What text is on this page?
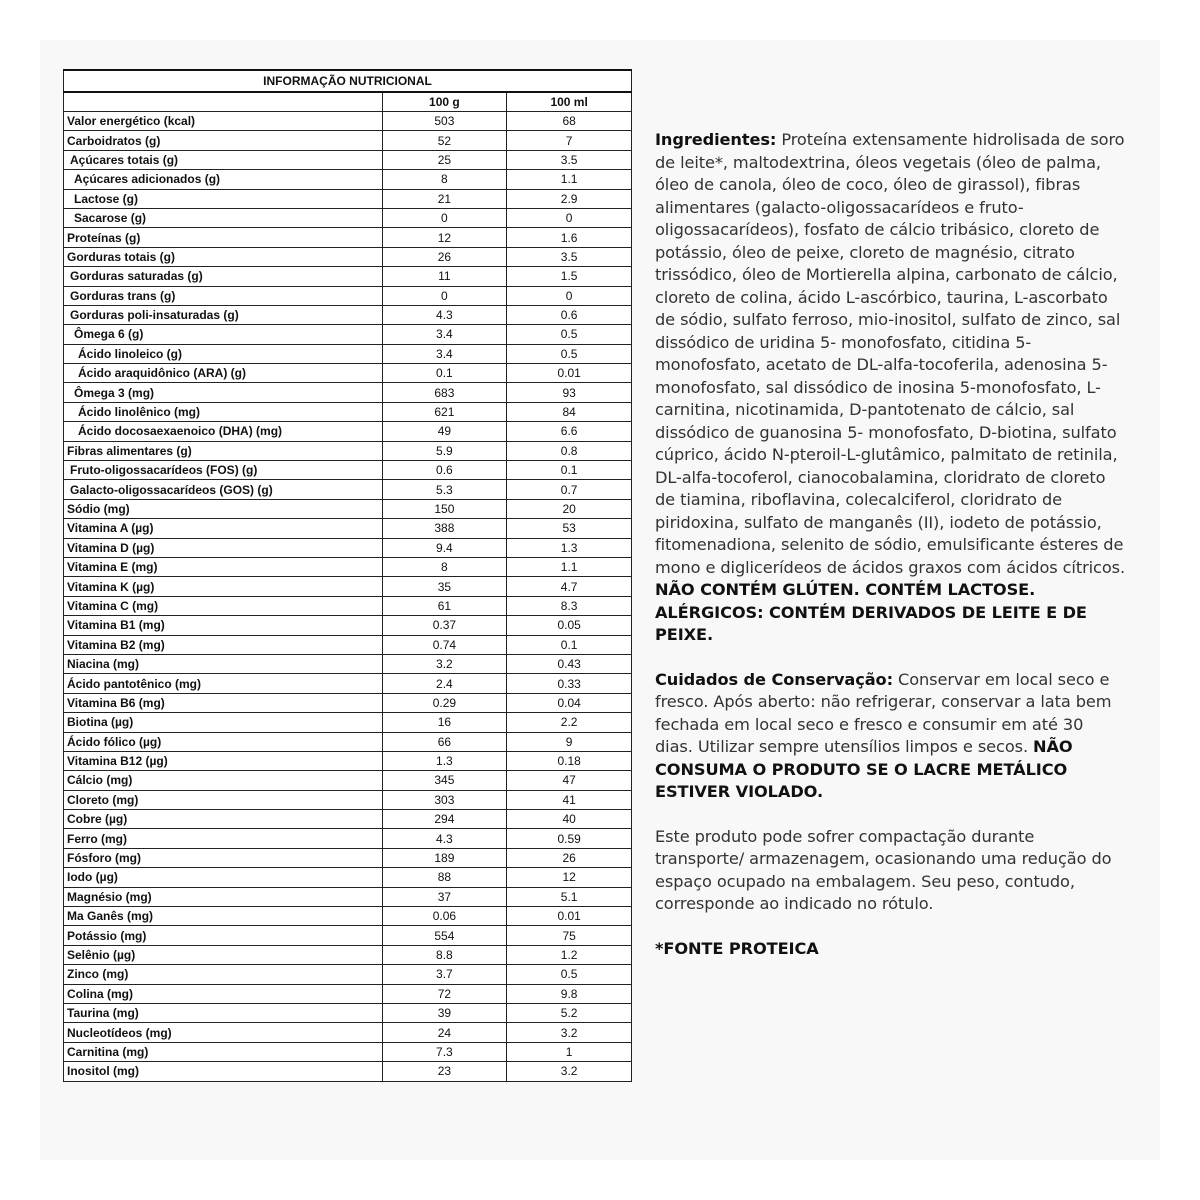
INFORMAÇÃO NUTRICIONAL		
	100 g	100 ml
Valor energético (kcal)	503	68
Carboidratos (g)	52	7
Açúcares totais (g)	25	3.5
Açúcares adicionados (g)	8	1.1
Lactose (g)	21	2.9
Sacarose (g)	0	0
Proteínas (g)	12	1.6
Gorduras totais (g)	26	3.5
Gorduras saturadas (g)	11	1.5
Gorduras trans (g)	0	0
Gorduras poli-insaturadas (g)	4.3	0.6
Ômega 6 (g)	3.4	0.5
Ácido linoleico (g)	3.4	0.5
Ácido araquidônico (ARA) (g)	0.1	0.01
Ômega 3 (mg)	683	93
Ácido linolênico (mg)	621	84
Ácido docosaexaenoico (DHA) (mg)	49	6.6
Fibras alimentares (g)	5.9	0.8
Fruto-oligossacarídeos (FOS) (g)	0.6	0.1
Galacto-oligossacarídeos (GOS) (g)	5.3	0.7
Sódio (mg)	150	20
Vitamina A (µg)	388	53
Vitamina D (µg)	9.4	1.3
Vitamina E (mg)	8	1.1
Vitamina K (µg)	35	4.7
Vitamina C (mg)	61	8.3
Vitamina B1 (mg)	0.37	0.05
Vitamina B2 (mg)	0.74	0.1
Niacina (mg)	3.2	0.43
Ácido pantotênico (mg)	2.4	0.33
Vitamina B6 (mg)	0.29	0.04
Biotina (µg)	16	2.2
Ácido fólico (µg)	66	9
Vitamina B12 (µg)	1.3	0.18
Cálcio (mg)	345	47
Cloreto (mg)	303	41
Cobre (µg)	294	40
Ferro (mg)	4.3	0.59
Fósforo (mg)	189	26
Iodo (µg)	88	12
Magnésio (mg)	37	5.1
Ma Ganês (mg)	0.06	0.01
Potássio (mg)	554	75
Selênio (µg)	8.8	1.2
Zinco (mg)	3.7	0.5
Colina (mg)	72	9.8
Taurina (mg)	39	5.2
Nucleotídeos (mg)	24	3.2
Carnitina (mg)	7.3	1
Inositol (mg)	23	3.2

Ingredientes: Proteína extensamente hidrolisada de soro de leite*, maltodextrina, óleos vegetais (óleo de palma, óleo de canola, óleo de coco, óleo de girassol), fibras alimentares (galacto-oligossacarídeos e fruto-oligossacarídeos), fosfato de cálcio tribásico, cloreto de potássio, óleo de peixe, cloreto de magnésio, citrato trissódico, óleo de Mortierella alpina, carbonato de cálcio, cloreto de colina, ácido L-ascórbico, taurina, L-ascorbato de sódio, sulfato ferroso, mio-inositol, sulfato de zinco, sal dissódico de uridina 5- monofosfato, citidina 5-monofosfato, acetato de DL-alfa-tocoferila, adenosina 5-monofosfato, sal dissódico de inosina 5-monofosfato, L-carnitina, nicotinamida, D-pantotenato de cálcio, sal dissódico de guanosina 5- monofosfato, D-biotina, sulfato cúprico, ácido N-pteroil-L-glutâmico, palmitato de retinila, DL-alfa-tocoferol, cianocobalamina, cloridrato de cloreto de tiamina, riboflavina, colecalciferol, cloridrato de piridoxina, sulfato de manganês (II), iodeto de potássio, fitomenadiona, selenito de sódio, emulsificante ésteres de mono e diglicerídeos de ácidos graxos com ácidos cítricos. NÃO CONTÉM GLÚTEN. CONTÉM LACTOSE. ALÉRGICOS: CONTÉM DERIVADOS DE LEITE E DE PEIXE.

Cuidados de Conservação: Conservar em local seco e fresco. Após aberto: não refrigerar, conservar a lata bem fechada em local seco e fresco e consumir em até 30 dias. Utilizar sempre utensílios limpos e secos. NÃO CONSUMA O PRODUTO SE O LACRE METÁLICO ESTIVER VIOLADO.

Este produto pode sofrer compactação durante transporte/ armazenagem, ocasionando uma redução do espaço ocupado na embalagem. Seu peso, contudo, corresponde ao indicado no rótulo.

*FONTE PROTEICA
